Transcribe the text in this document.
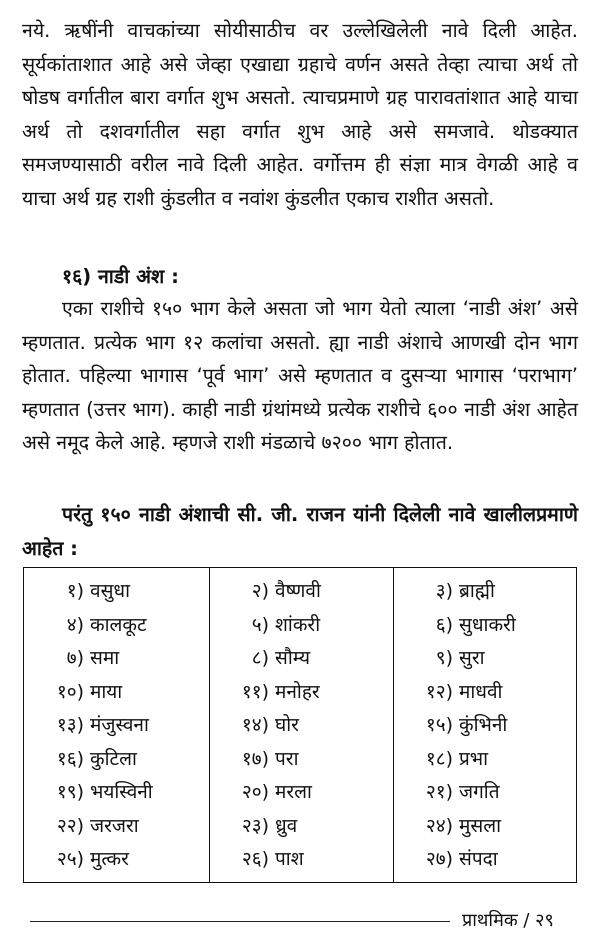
नये. ऋषींनी वाचकांच्या सोयीसाठीच वर उल्लेखिलेली नावे दिली आहेत. सूर्यकांताशात आहे असे जेव्हा एखाद्या ग्रहाचे वर्णन असते तेव्हा त्याचा अर्थ तो षोडष वर्गातील बारा वर्गात शुभ असतो. त्याचप्रमाणे ग्रह पारावतांशात आहे याचा अर्थ तो दशवर्गातील सहा वर्गात शुभ आहे असे समजावे. थोडक्यात समजण्यासाठी वरील नावे दिली आहेत. वर्गोत्तम ही संज्ञा मात्र वेगळी आहे व याचा अर्थ ग्रह राशी कुंडलीत व नवांश कुंडलीत एकाच राशीत असतो.
१६) नाडी अंश :
एका राशीचे १५० भाग केले असता जो भाग येतो त्याला ‘नाडी अंश’ असे म्हणतात. प्रत्येक भाग १२ कलांचा असतो. ह्या नाडी अंशाचे आणखी दोन भाग होतात. पहिल्या भागास ‘पूर्व भाग’ असे म्हणतात व दुसऱ्या भागास ‘पराभाग’ म्हणतात (उत्तर भाग). काही नाडी ग्रंथांमध्ये प्रत्येक राशीचे ६०० नाडी अंश आहेत असे नमूद केले आहे. म्हणजे राशी मंडळाचे ७२०० भाग होतात.
परंतु १५० नाडी अंशाची सी. जी. राजन यांनी दिलेली नावे खालीलप्रमाणे आहेत :
१) वसुधा	२) वैष्णवी	३) ब्राह्मी
४) कालकूट	५) शांकरी	६) सुधाकरी
७) समा	८) सौम्य	९) सुरा
१०) माया	११) मनोहर	१२) माधवी
१३) मंजुस्वना	१४) घोर	१५) कुंभिनी
१६) कुटिला	१७) परा	१८) प्रभा
१९) भयस्विनी	२०) मरला	२१) जगति
२२) जरजरा	२३) ध्रुव	२४) मुसला
२५) मुत्कर	२६) पाश	२७) संपदा
प्राथमिक / २९
